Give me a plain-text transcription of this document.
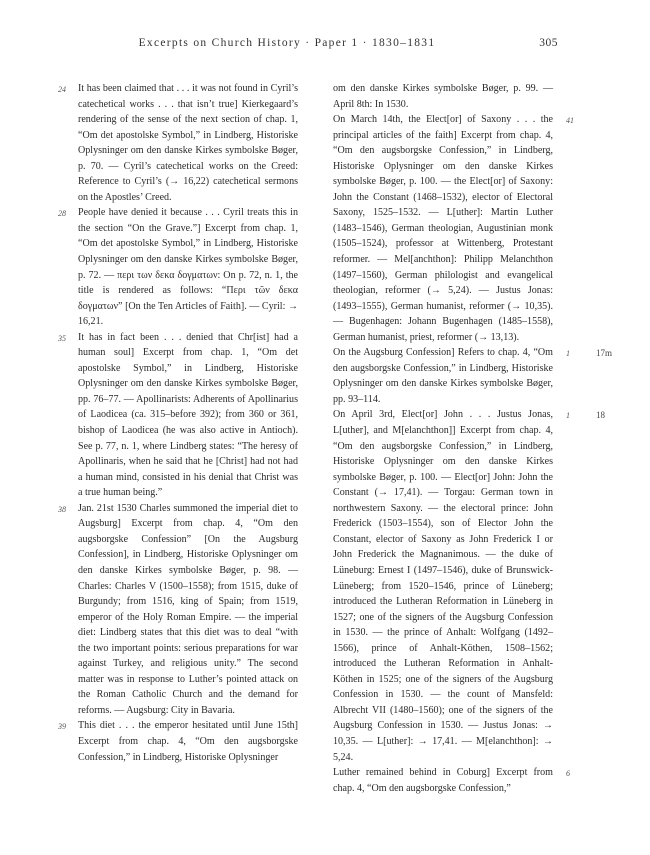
Excerpts on Church History · Paper 1 · 1830–1831	305
24 It has been claimed that . . . it was not found in Cyril’s catechetical works . . . that isn’t true] Kierkegaard’s rendering of the sense of the next section of chap. 1, “Om det apostolske Symbol,” in Lindberg, Historiske Oplysninger om den danske Kirkes symbolske Bøger, p. 70. — Cyril’s catechetical works on the Creed: Reference to Cyril’s (→ 16,22) catechetical sermons on the Apostles’ Creed.
28 People have denied it because . . . Cyril treats this in the section “On the Grave.”] Excerpt from chap. 1, “Om det apostolske Symbol,” in Lindberg, Historiske Oplysninger om den danske Kirkes symbolske Bøger, p. 72. — περι των δεκα δογματων: On p. 72, n. 1, the title is rendered as follows: “Περι τῶν δεκα δογματων” [On the Ten Articles of Faith]. — Cyril: → 16,21.
35 It has in fact been . . . denied that Chr[ist] had a human soul] Excerpt from chap. 1, “Om det apostolske Symbol,” in Lindberg, Historiske Oplysninger om den danske Kirkes symbolske Bøger, pp. 76–77. — Apollinarists: Adherents of Apollinarius of Laodicea (ca. 315–before 392); from 360 or 361, bishop of Laodicea (he was also active in Antioch). See p. 77, n. 1, where Lindberg states: “The heresy of Apollinaris, when he said that he [Christ] had not had a human mind, consisted in his denial that Christ was a true human being.”
38 Jan. 21st 1530 Charles summoned the imperial diet to Augsburg] Excerpt from chap. 4, “Om den augsborgske Confession” [On the Augsburg Confession], in Lindberg, Historiske Oplysninger om den danske Kirkes symbolske Bøger, p. 98. — Charles: Charles V (1500–1558); from 1515, duke of Burgundy; from 1516, king of Spain; from 1519, emperor of the Holy Roman Empire. — the imperial diet: Lindberg states that this diet was to deal “with the two important points: serious preparations for war against Turkey, and religious unity.” The second matter was in response to Luther’s pointed attack on the Roman Catholic Church and the demand for reforms. — Augsburg: City in Bavaria.
39 This diet . . . the emperor hesitated until June 15th] Excerpt from chap. 4, “Om den augsborgske Confession,” in Lindberg, Historiske Oplysninger
om den danske Kirkes symbolske Bøger, p. 99. — April 8th: In 1530.
41
On March 14th, the Elect[or] of Saxony . . . the principal articles of the faith] Excerpt from chap. 4, “Om den augsborgske Confession,” in Lindberg, Historiske Oplysninger om den danske Kirkes symbolske Bøger, p. 100. — the Elect[or] of Saxony: John the Constant (1468–1532), elector of Electoral Saxony, 1525–1532. — L[uther]: Martin Luther (1483–1546), German theologian, Augustinian monk (1505–1524), professor at Wittenberg, Protestant reformer. — Mel[anchthon]: Philipp Melanchthon (1497–1560), German philologist and evangelical theologian, reformer (→ 5,24). — Justus Jonas: (1493–1555), German humanist, reformer (→ 10,35). — Bugenhagen: Johann Bugenhagen (1485–1558), German humanist, priest, reformer (→ 13,13).
1	17m
On the Augsburg Confession] Refers to chap. 4, “Om den augsborgske Confession,” in Lindberg, Historiske Oplysninger om den danske Kirkes symbolske Bøger, pp. 93–114.
1	18
On April 3rd, Elect[or] John . . . Justus Jonas, L[uther], and M[elanchthon]] Excerpt from chap. 4, “Om den augsborgske Confession,” in Lindberg, Historiske Oplysninger om den danske Kirkes symbolske Bøger, p. 100. — Elect[or] John: John the Constant (→ 17,41). — Torgau: German town in northwestern Saxony. — the electoral prince: John Frederick (1503–1554), son of Elector John the Constant, elector of Saxony as John Frederick I or John Frederick the Magnanimous. — the duke of Lüneburg: Ernest I (1497–1546), duke of Brunswick-Lüneberg; from 1520–1546, prince of Lüneberg; introduced the Lutheran Reformation in Lüneberg in 1527; one of the signers of the Augsburg Confession in 1530. — the prince of Anhalt: Wolfgang (1492–1566), prince of Anhalt-Köthen, 1508–1562; introduced the Lutheran Reformation in Anhalt-Köthen in 1525; one of the signers of the Augsburg Confession in 1530. — the count of Mansfeld: Albrecht VII (1480–1560); one of the signers of the Augsburg Confession in 1530. — Justus Jonas: → 10,35. — L[uther]: → 17,41. — M[elanchthon]: → 5,24.
6
Luther remained behind in Coburg] Excerpt from chap. 4, “Om den augsborgske Confession,”
